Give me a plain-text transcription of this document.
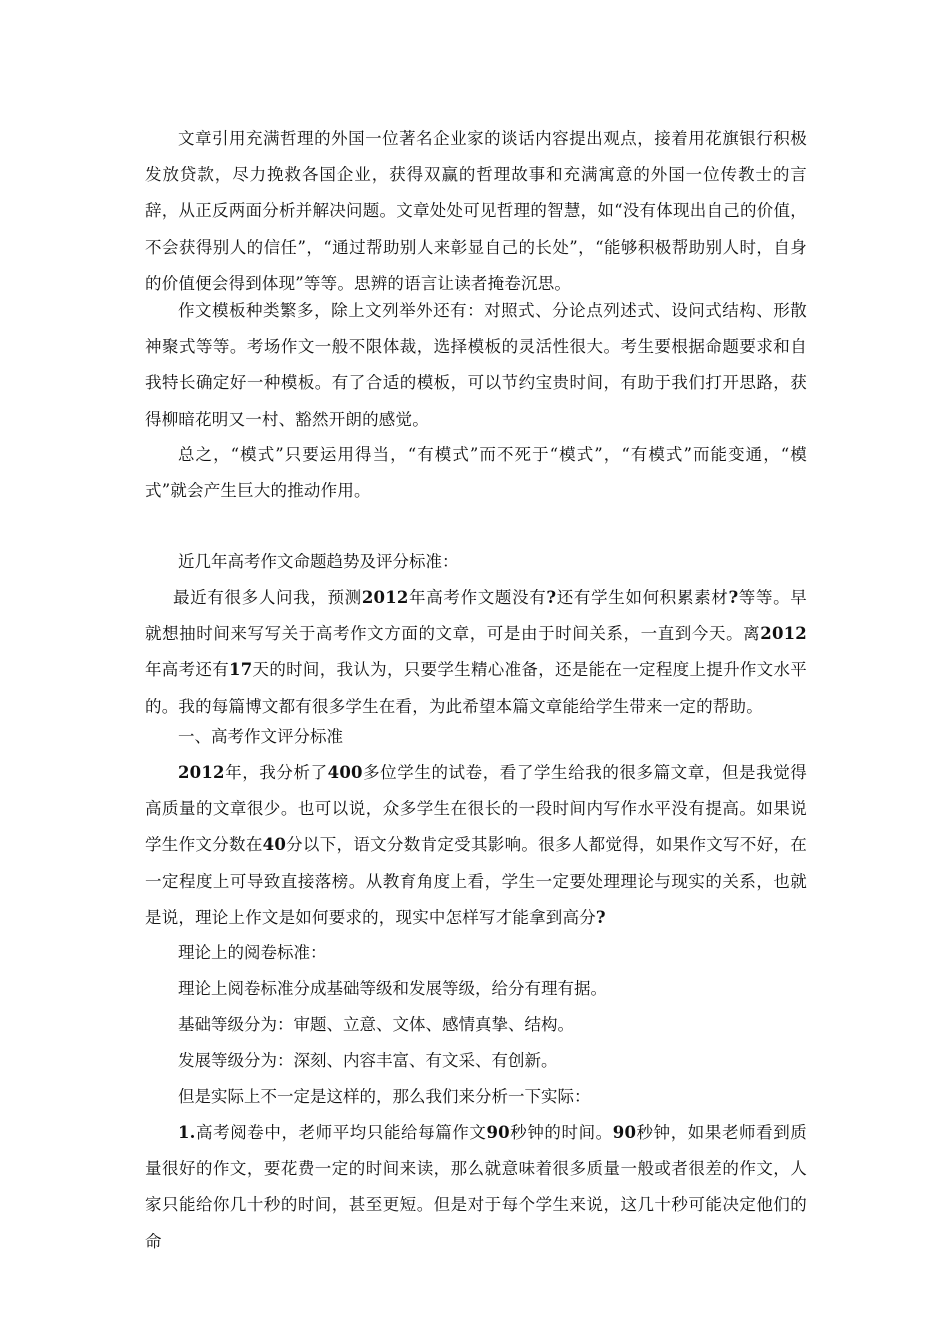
文章引用充满哲理的外国一位著名企业家的谈话内容提出观点，接着用花旗银行积极发放贷款，尽力挽救各国企业，获得双赢的哲理故事和充满寓意的外国一位传教士的言辞，从正反两面分析并解决问题。文章处处可见哲理的智慧，如“没有体现出自己的价值，不会获得别人的信任”，“通过帮助别人来彰显自己的长处”，“能够积极帮助别人时，自身的价值便会得到体现”等等。思辨的语言让读者掩卷沉思。

作文模板种类繁多，除上文列举外还有：对照式、分论点列述式、设问式结构、形散神聚式等等。考场作文一般不限体裁，选择模板的灵活性很大。考生要根据命题要求和自我特长确定好一种模板。有了合适的模板，可以节约宝贵时间，有助于我们打开思路，获得柳暗花明又一村、豁然开朗的感觉。

总之，“模式”只要运用得当，“有模式”而不死于“模式”，“有模式”而能变通，“模式”就会产生巨大的推动作用。

近几年高考作文命题趋势及评分标准：

最近有很多人问我，预测2012年高考作文题没有?还有学生如何积累素材?等等。早就想抽时间来写写关于高考作文方面的文章，可是由于时间关系，一直到今天。离2012年高考还有17天的时间，我认为，只要学生精心准备，还是能在一定程度上提升作文水平的。我的每篇博文都有很多学生在看，为此希望本篇文章能给学生带来一定的帮助。

一、高考作文评分标准

2012年，我分析了400多位学生的试卷，看了学生给我的很多篇文章，但是我觉得高质量的文章很少。也可以说，众多学生在很长的一段时间内写作水平没有提高。如果说学生作文分数在40分以下，语文分数肯定受其影响。很多人都觉得，如果作文写不好，在一定程度上可导致直接落榜。从教育角度上看，学生一定要处理理论与现实的关系，也就是说，理论上作文是如何要求的，现实中怎样写才能拿到高分?

理论上的阅卷标准：

理论上阅卷标准分成基础等级和发展等级，给分有理有据。

基础等级分为：审题、立意、文体、感情真挚、结构。

发展等级分为：深刻、内容丰富、有文采、有创新。

但是实际上不一定是这样的，那么我们来分析一下实际：

1.高考阅卷中，老师平均只能给每篇作文90秒钟的时间。90秒钟，如果老师看到质量很好的作文，要花费一定的时间来读，那么就意味着很多质量一般或者很差的作文，人家只能给你几十秒的时间，甚至更短。但是对于每个学生来说，这几十秒可能决定他们的命
